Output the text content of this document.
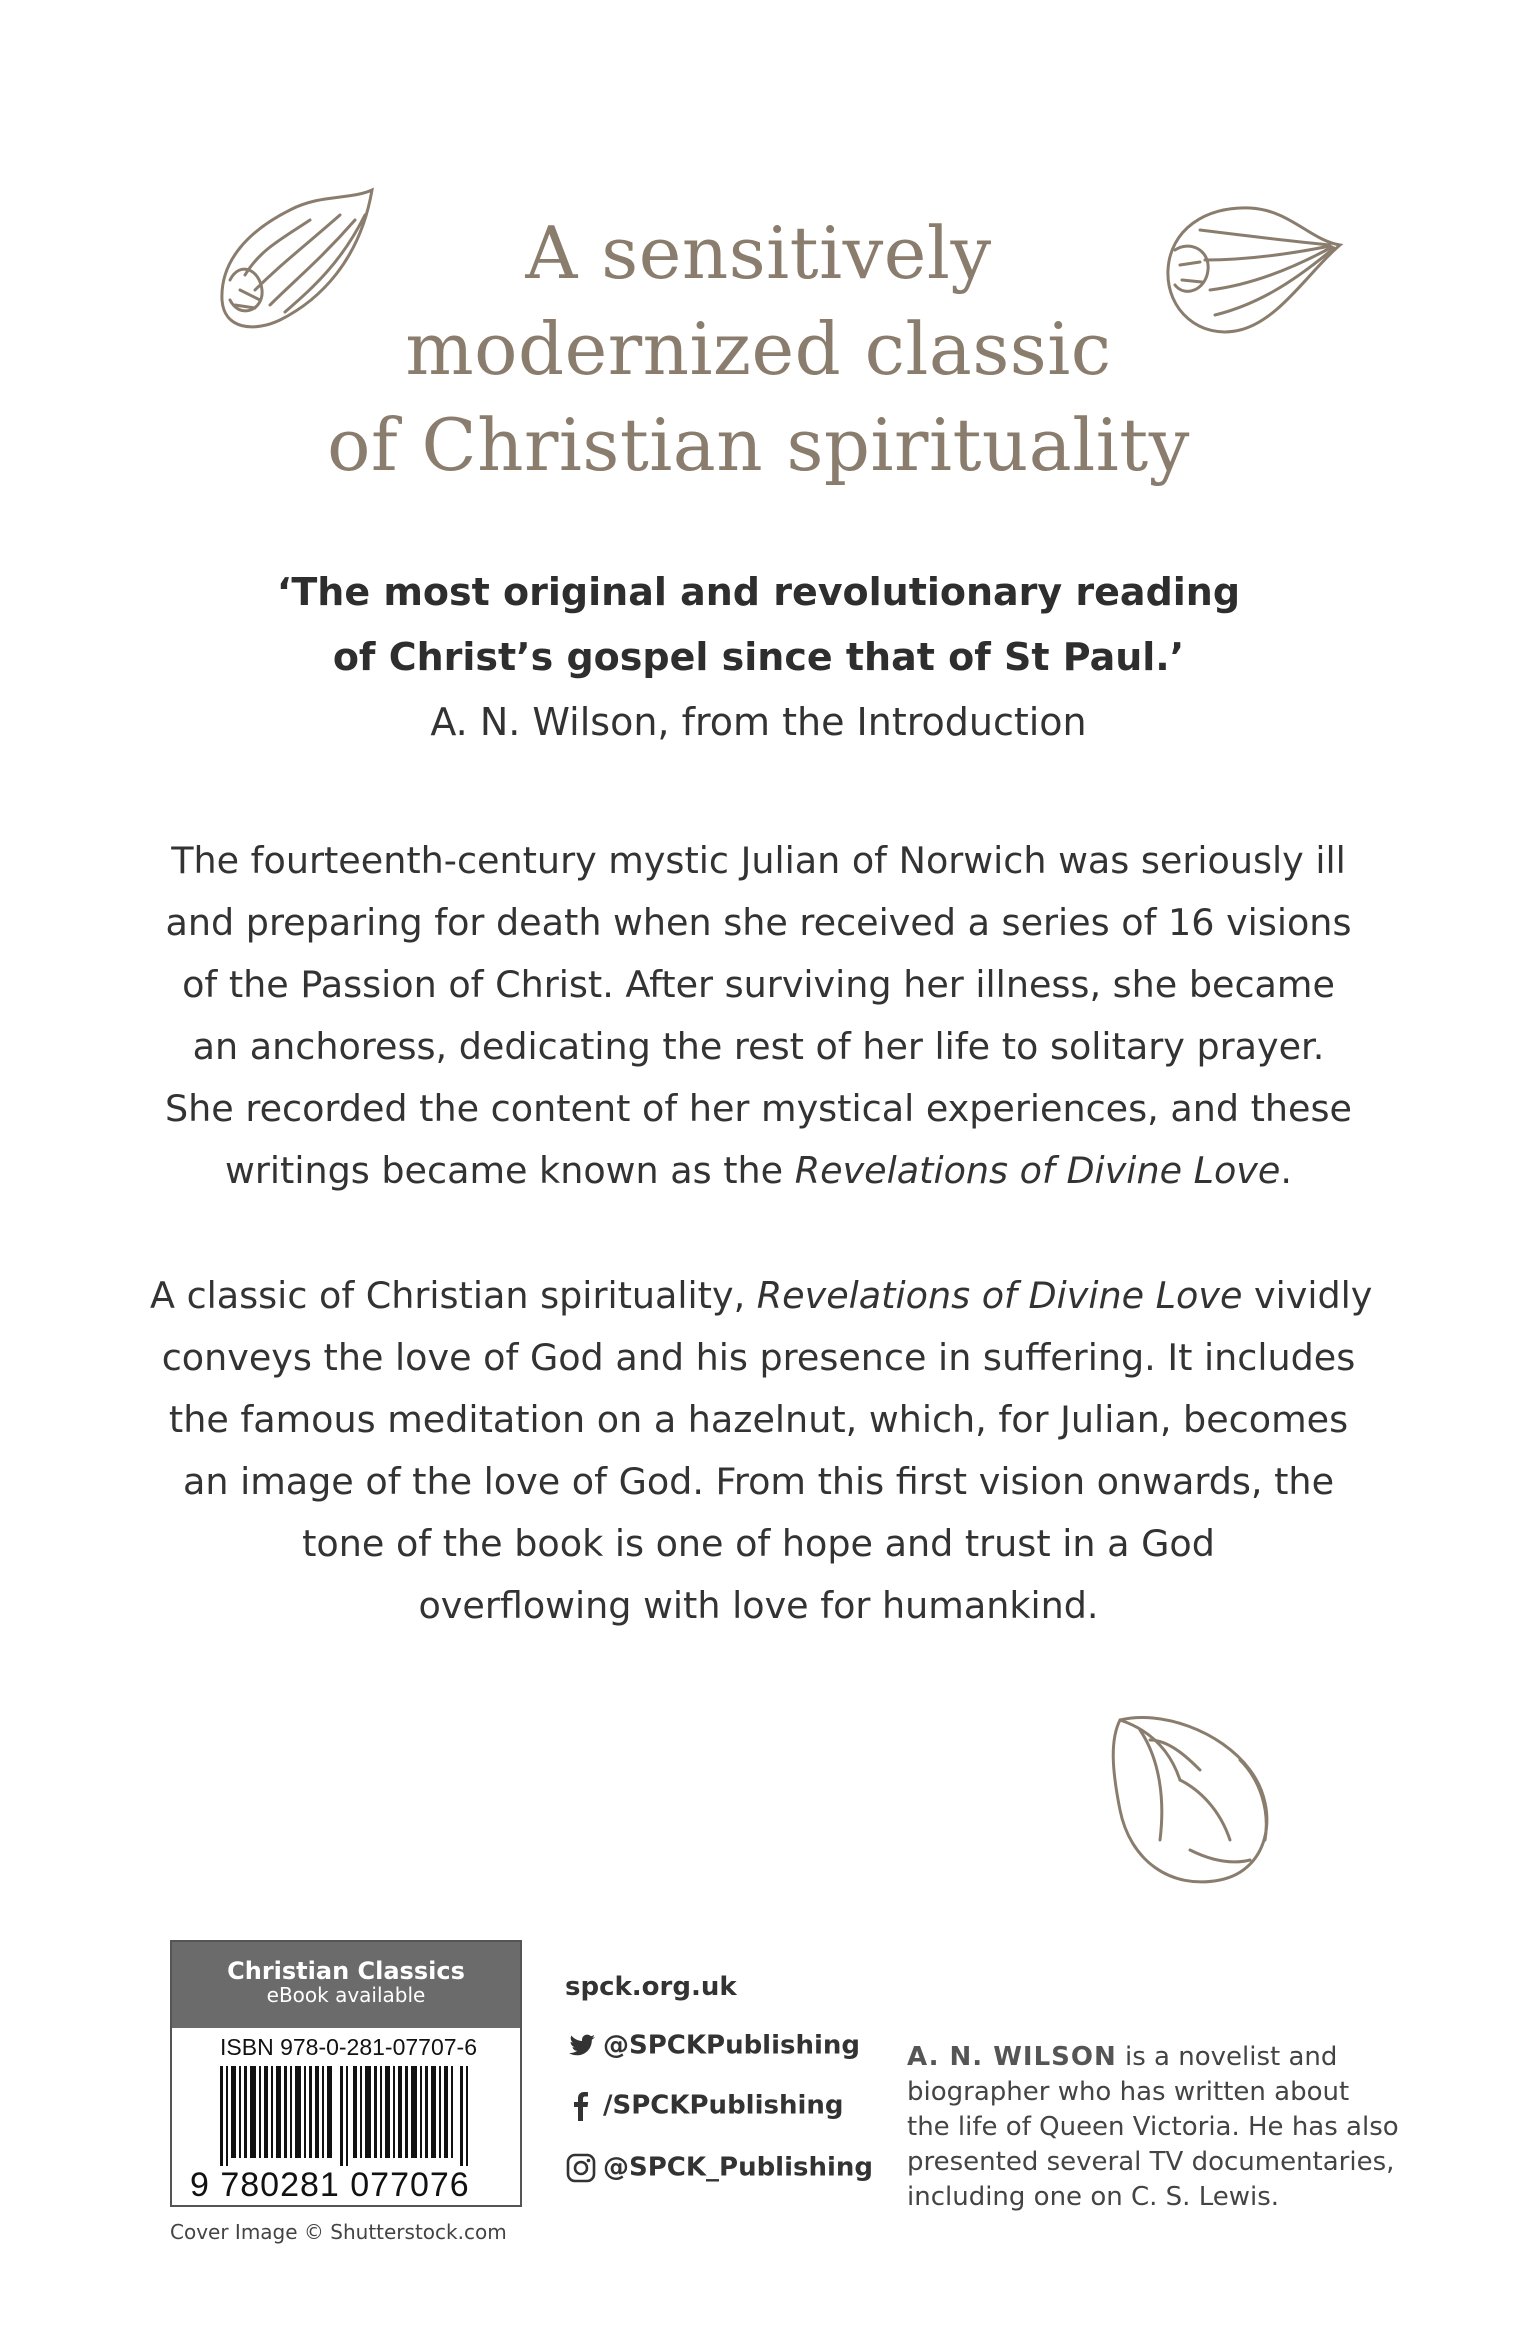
A sensitively
modernized classic
of Christian spirituality
‘The most original and revolutionary reading
of Christ’s gospel since that of St Paul.’
A. N. Wilson, from the Introduction
The fourteenth-century mystic Julian of Norwich was seriously ill
and preparing for death when she received a series of 16 visions
of the Passion of Christ. After surviving her illness, she became
an anchoress, dedicating the rest of her life to solitary prayer.
She recorded the content of her mystical experiences, and these
writings became known as the Revelations of Divine Love.
A classic of Christian spirituality, Revelations of Divine Love vividly
conveys the love of God and his presence in suffering. It includes
the famous meditation on a hazelnut, which, for Julian, becomes
an image of the love of God. From this first vision onwards, the
tone of the book is one of hope and trust in a God
overflowing with love for humankind.
Christian Classics
eBook available
ISBN 978-0-281-07707-6
9 780281 077076
Cover Image © Shutterstock.com
spck.org.uk
@SPCKPublishing
/SPCKPublishing
@SPCK_Publishing
A. N. WILSON is a novelist and
biographer who has written about
the life of Queen Victoria. He has also
presented several TV documentaries,
including one on C. S. Lewis.
